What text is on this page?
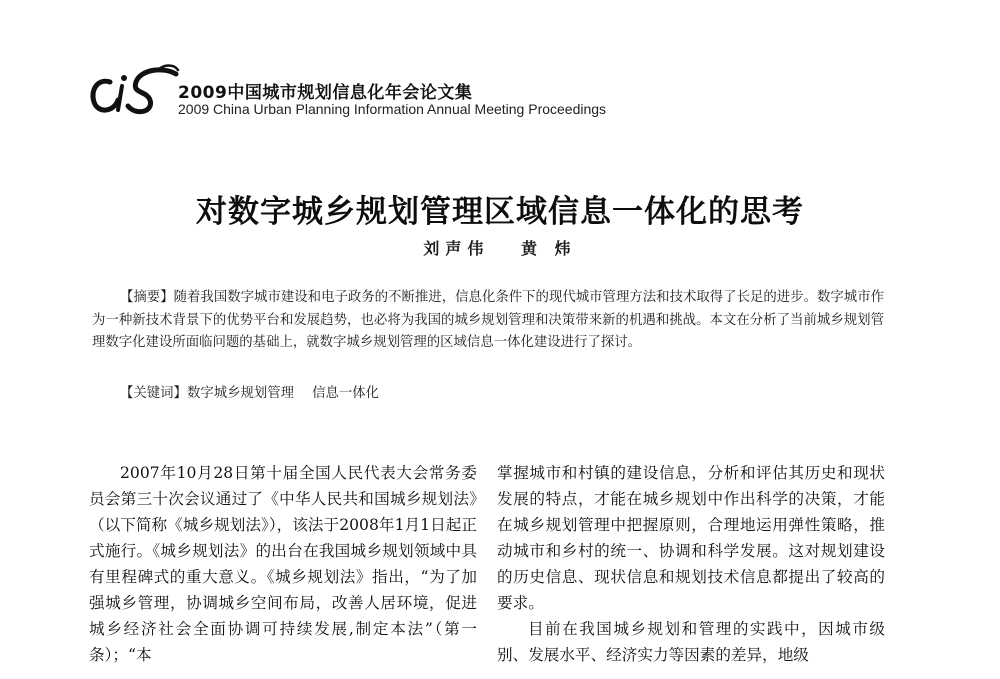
2009中国城市规划信息化年会论文集
2009 China Urban Planning Information Annual Meeting Proceedings
对数字城乡规划管理区域信息一体化的思考
刘声伟 黄 炜
【摘要】随着我国数字城市建设和电子政务的不断推进，信息化条件下的现代城市管理方法和技术取得了长足的进步。数字城市作为一种新技术背景下的优势平台和发展趋势，也必将为我国的城乡规划管理和决策带来新的机遇和挑战。本文在分析了当前城乡规划管理数字化建设所面临问题的基础上，就数字城乡规划管理的区域信息一体化建设进行了探讨。
【关键词】数字城乡规划管理 信息一体化

2007年10月28日第十届全国人民代表大会常务委员会第三十次会议通过了《中华人民共和国城乡规划法》（以下简称《城乡规划法》），该法于2008年1月1日起正式施行。《城乡规划法》的出台在我国城乡规划领域中具有里程碑式的重大意义。《城乡规划法》指出，“为了加强城乡管理，协调城乡空间布局，改善人居环境，促进城乡经济社会全面协调可持续发展,制定本法”（第一条）；“本

掌握城市和村镇的建设信息，分析和评估其历史和现状发展的特点，才能在城乡规划中作出科学的决策，才能在城乡规划管理中把握原则，合理地运用弹性策略，推动城市和乡村的统一、协调和科学发展。这对规划建设的历史信息、现状信息和规划技术信息都提出了较高的要求。

目前在我国城乡规划和管理的实践中，因城市级别、发展水平、经济实力等因素的差异，地级
